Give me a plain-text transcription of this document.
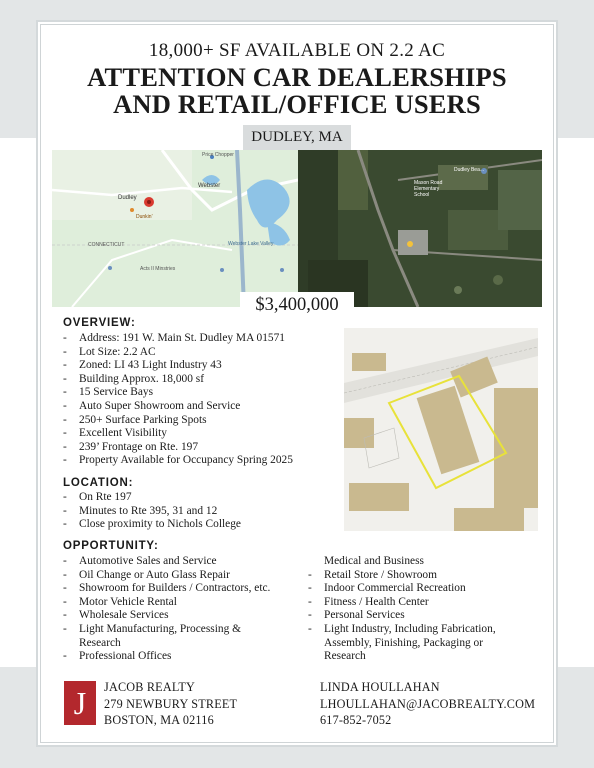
18,000+ SF AVAILABLE ON 2.2 AC
ATTENTION CAR DEALERSHIPS
AND RETAIL/OFFICE USERS
DUDLEY, MA
Price Chopper
Webster
Dudley
Dunkin'
CONNECTICUT	Webster Lake Valley
Acts II Minstries
Dudley Bea...
Mason Road Elementary School
$3,400,000
OVERVIEW:
- Address: 191 W. Main St. Dudley MA 01571
- Lot Size: 2.2 AC
- Zoned: LI 43 Light Industry 43
- Building Approx. 18,000 sf
- 15 Service Bays
- Auto Super Showroom and Service
- 250+ Surface Parking Spots
- Excellent Visibility
- 239’ Frontage on Rte. 197
- Property Available for Occupancy Spring 2025
LOCATION:
- On Rte 197
- Minutes to Rte 395, 31 and 12
- Close proximity to Nichols College
OPPORTUNITY:
- Automotive Sales and Service
- Oil Change or Auto Glass Repair
- Showroom for Builders / Contractors, etc.
- Motor Vehicle Rental
- Wholesale Services
- Light Manufacturing, Processing &
Research
- Professional Offices
Medical and Business
- Retail Store / Showroom
- Indoor Commercial Recreation
- Fitness / Health Center
- Personal Services
- Light Industry, Including Fabrication,
Assembly, Finishing, Packaging or
Research
J	JACOB REALTY
279 NEWBURY STREET
BOSTON, MA 02116
LINDA HOULLAHAN
LHOULLAHAN@JACOBREALTY.COM
617-852-7052
